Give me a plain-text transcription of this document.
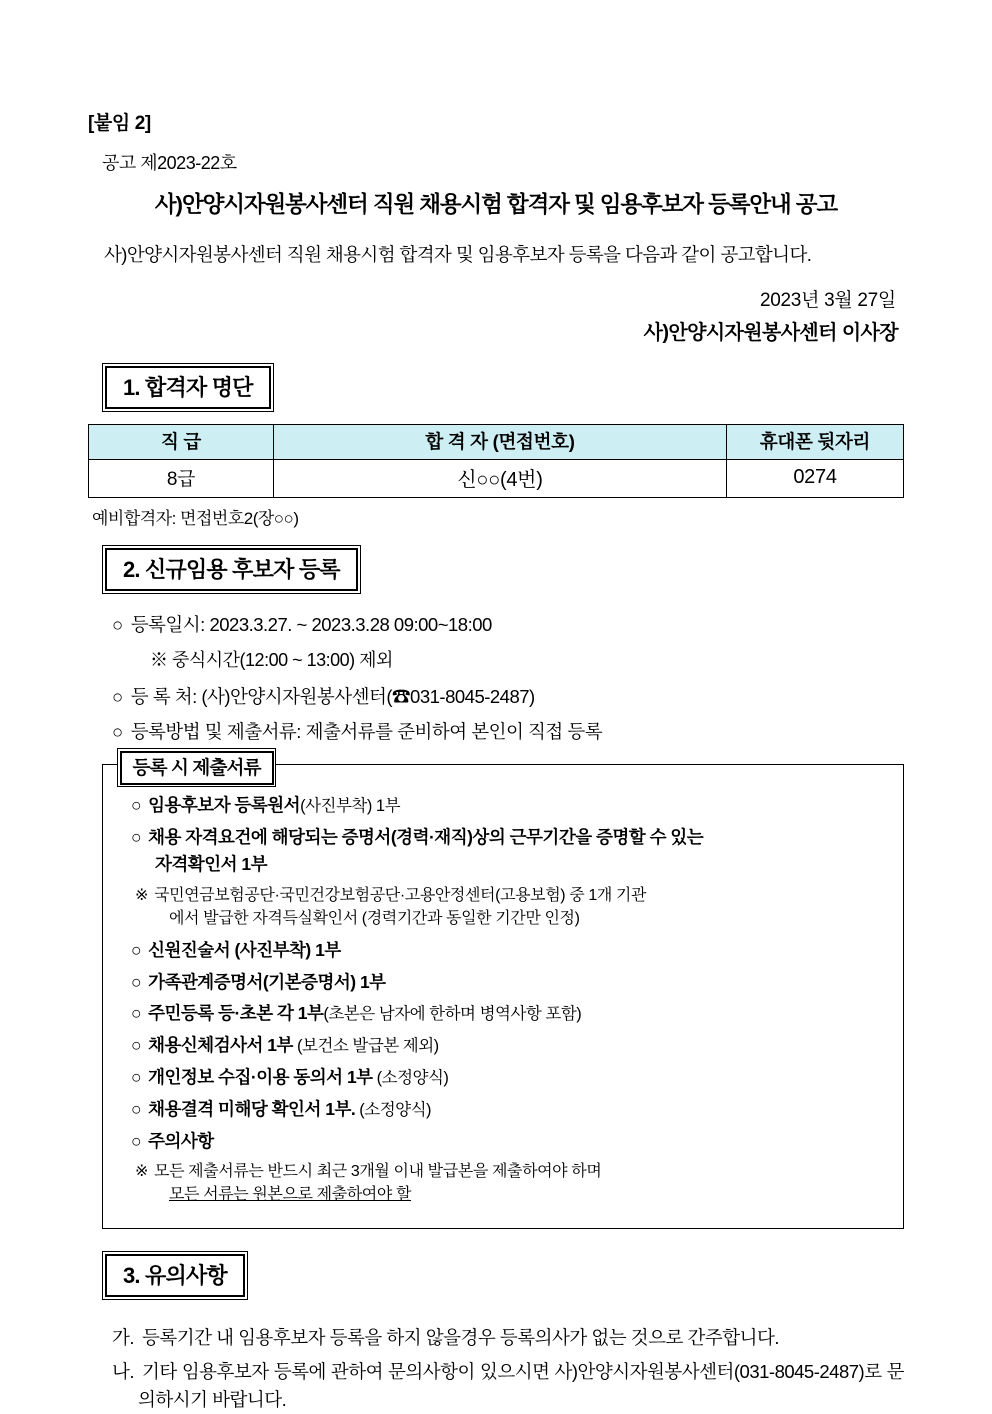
[붙임 2]
공고 제2023-22호
사)안양시자원봉사센터 직원 채용시험 합격자 및 임용후보자 등록안내 공고

사)안양시자원봉사센터 직원 채용시험 합격자 및 임용후보자 등록을 다음과 같이 공고합니다.

2023년 3월 27일
사)안양시자원봉사센터 이사장
1. 합격자 명단
직 급	합 격 자 (면접번호)	휴대폰 뒷자리
8급	신○○(4번)	0274
예비합격자: 면접번호2(장○○)
2. 신규임용 후보자 등록
○ 등록일시: 2023.3.27. ~ 2023.3.28 09:00~18:00
※ 중식시간(12:00 ~ 13:00) 제외
○ 등 록 처: (사)안양시자원봉사센터(☎031-8045-2487)
○ 등록방법 및 제출서류: 제출서류를 준비하여 본인이 직접 등록
등록 시 제출서류
○ 임용후보자 등록원서(사진부착) 1부
○ 채용 자격요건에 해당되는 증명서(경력·재직)상의 근무기간을 증명할 수 있는
자격확인서 1부
※ 국민연금보험공단·국민건강보험공단·고용안정센터(고용보험) 중 1개 기관
에서 발급한 자격득실확인서 (경력기간과 동일한 기간만 인정)
○ 신원진술서 (사진부착) 1부
○ 가족관계증명서(기본증명서) 1부
○ 주민등록 등·초본 각 1부(초본은 남자에 한하며 병역사항 포함)
○ 채용신체검사서 1부 (보건소 발급본 제외)
○ 개인정보 수집·이용 동의서 1부 (소정양식)
○ 채용결격 미해당 확인서 1부. (소정양식)
○ 주의사항
※ 모든 제출서류는 반드시 최근 3개월 이내 발급본을 제출하여야 하며
모든 서류는 원본으로 제출하여야 할
3. 유의사항
가. 등록기간 내 임용후보자 등록을 하지 않을경우 등록의사가 없는 것으로 간주합니다.
나. 기타 임용후보자 등록에 관하여 문의사항이 있으시면 사)안양시자원봉사센터(031-8045-2487)로 문의하시기 바랍니다.
